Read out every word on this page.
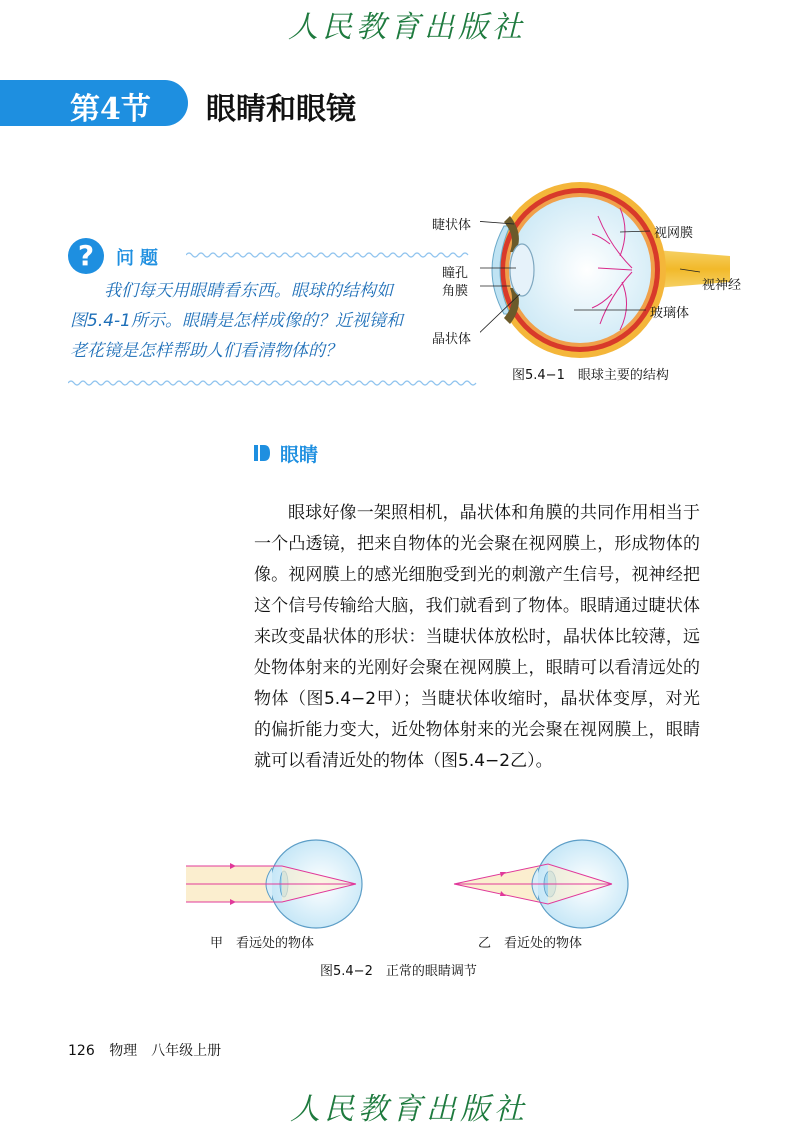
人民教育出版社
第4节 眼睛和眼镜
?	问题

我们每天用眼睛看东西。眼球的结构如图5.4-1所示。眼睛是怎样成像的？近视镜和老花镜是怎样帮助人们看清物体的？

睫状体
瞳孔
角膜
晶状体
视网膜
视神经
玻璃体
图5.4−1　眼球主要的结构
眼睛

眼球好像一架照相机，晶状体和角膜的共同作用相当于一个凸透镜，把来自物体的光会聚在视网膜上，形成物体的像。视网膜上的感光细胞受到光的刺激产生信号，视神经把这个信号传输给大脑，我们就看到了物体。眼睛通过睫状体来改变晶状体的形状：当睫状体放松时，晶状体比较薄，远处物体射来的光刚好会聚在视网膜上，眼睛可以看清远处的物体（图5.4−2甲）；当睫状体收缩时，晶状体变厚，对光的偏折能力变大，近处物体射来的光会聚在视网膜上，眼睛就可以看清近处的物体（图5.4−2乙）。

甲　看远处的物体	乙　看近处的物体
图5.4−2　正常的眼睛调节
126 物理　八年级上册
人民教育出版社
